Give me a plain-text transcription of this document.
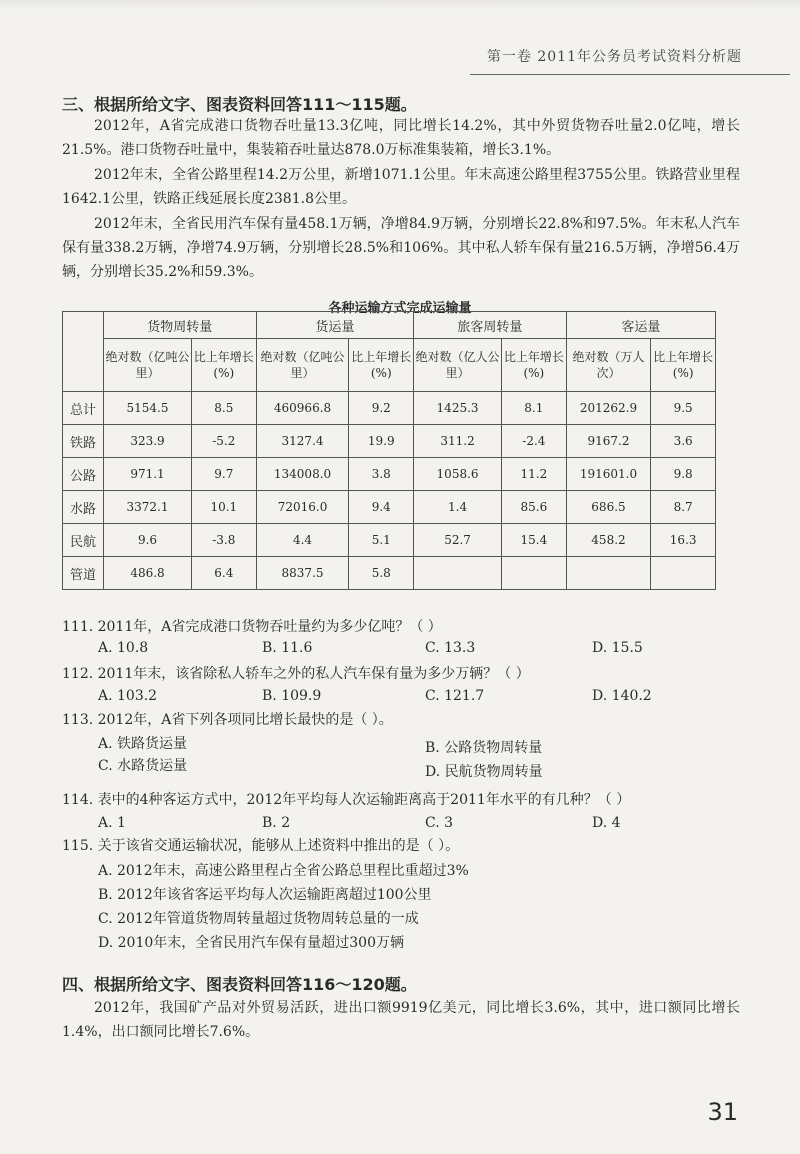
第一卷 2011年公务员考试资料分析题
三、根据所给文字、图表资料回答111～115题。
2012年，A省完成港口货物吞吐量13.3亿吨，同比增长14.2%，其中外贸货物吞吐量2.0亿吨，增长21.5%。港口货物吞吐量中，集装箱吞吐量达878.0万标准集装箱，增长3.1%。
2012年末，全省公路里程14.2万公里，新增1071.1公里。年末高速公路里程3755公里。铁路营业里程1642.1公里，铁路正线延展长度2381.8公里。
2012年末，全省民用汽车保有量458.1万辆，净增84.9万辆，分别增长22.8%和97.5%。年末私人汽车保有量338.2万辆，净增74.9万辆，分别增长28.5%和106%。其中私人轿车保有量216.5万辆，净增56.4万辆，分别增长35.2%和59.3%。
各种运输方式完成运输量
	货物周转量		货运量		旅客周转量		客运量	
	绝对数（亿吨公里）	比上年增长(%)	绝对数（亿吨公里）	比上年增长(%)	绝对数（亿人公里）	比上年增长(%)	绝对数（万人次）	比上年增长(%)
总计	5154.5	8.5	460966.8	9.2	1425.3	8.1	201262.9	9.5
铁路	323.9	-5.2	3127.4	19.9	311.2	-2.4	9167.2	3.6
公路	971.1	9.7	134008.0	3.8	1058.6	11.2	191601.0	9.8
水路	3372.1	10.1	72016.0	9.4	1.4	85.6	686.5	8.7
民航	9.6	-3.8	4.4	5.1	52.7	15.4	458.2	16.3
管道	486.8	6.4	8837.5	5.8				
111. 2011年，A省完成港口货物吞吐量约为多少亿吨？（ ）
A. 10.8	B. 11.6	C. 13.3	D. 15.5
112. 2011年末，该省除私人轿车之外的私人汽车保有量为多少万辆？（ ）
A. 103.2	B. 109.9	C. 121.7	D. 140.2
113. 2012年，A省下列各项同比增长最快的是（ ）。
A. 铁路货运量	B. 公路货物周转量
C. 水路货运量	D. 民航货物周转量
114. 表中的4种客运方式中，2012年平均每人次运输距离高于2011年水平的有几种？（ ）
A. 1	B. 2	C. 3	D. 4
115. 关于该省交通运输状况，能够从上述资料中推出的是（ ）。
A. 2012年末，高速公路里程占全省公路总里程比重超过3%
B. 2012年该省客运平均每人次运输距离超过100公里
C. 2012年管道货物周转量超过货物周转总量的一成
D. 2010年末，全省民用汽车保有量超过300万辆
四、根据所给文字、图表资料回答116～120题。
2012年，我国矿产品对外贸易活跃，进出口额9919亿美元，同比增长3.6%，其中，进口额同比增长1.4%，出口额同比增长7.6%。
31
